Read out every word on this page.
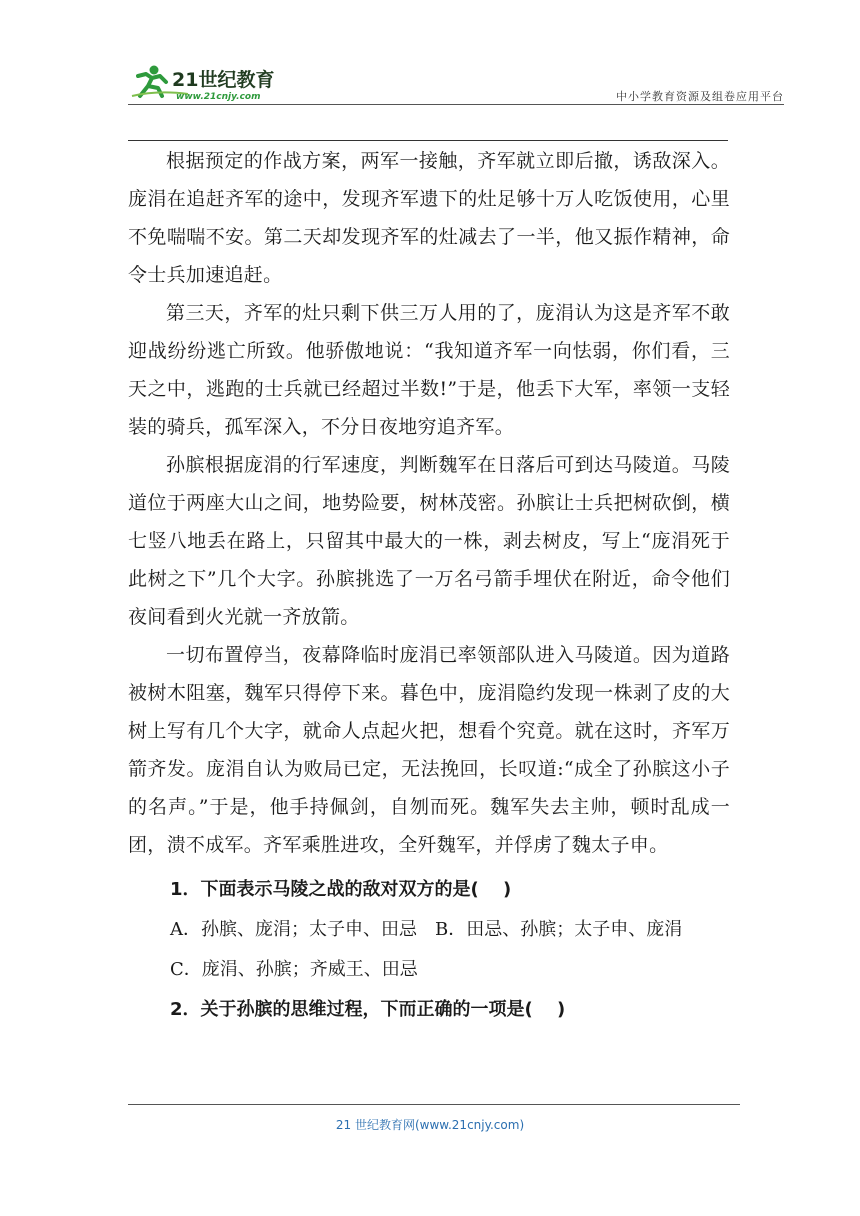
21世纪教育
www.21cnjy.com	中小学教育资源及组卷应用平台

根据预定的作战方案，两军一接触，齐军就立即后撤，诱敌深入。庞涓在追赶齐军的途中，发现齐军遗下的灶足够十万人吃饭使用，心里不免喘喘不安。第二天却发现齐军的灶减去了一半，他又振作精神，命令士兵加速追赶。

第三天，齐军的灶只剩下供三万人用的了，庞涓认为这是齐军不敢迎战纷纷逃亡所致。他骄傲地说：“我知道齐军一向怯弱，你们看，三天之中，逃跑的士兵就已经超过半数!”于是，他丢下大军，率领一支轻装的骑兵，孤军深入，不分日夜地穷追齐军。

孙膑根据庞涓的行军速度，判断魏军在日落后可到达马陵道。马陵道位于两座大山之间，地势险要，树林茂密。孙膑让士兵把树砍倒，横七竖八地丢在路上，只留其中最大的一株，剥去树皮，写上“庞涓死于此树之下”几个大字。孙膑挑选了一万名弓箭手埋伏在附近，命令他们夜间看到火光就一齐放箭。

一切布置停当，夜幕降临时庞涓已率领部队进入马陵道。因为道路被树木阻塞，魏军只得停下来。暮色中，庞涓隐约发现一株剥了皮的大树上写有几个大字，就命人点起火把，想看个究竟。就在这时，齐军万箭齐发。庞涓自认为败局已定，无法挽回，长叹道:“成全了孙膑这小子的名声。”于是，他手持佩剑，自刎而死。魏军失去主帅，顿时乱成一团，溃不成军。齐军乘胜进攻，全歼魏军，并俘虏了魏太子申。

1．下面表示马陵之战的敌对双方的是(　 )

A．孙膑、庞涓；太子申、田忌　B．田忌、孙膑；太子申、庞涓

C．庞涓、孙膑；齐威王、田忌

2．关于孙膑的思维过程，下而正确的一项是(　 )

21 世纪教育网(www.21cnjy.com)
